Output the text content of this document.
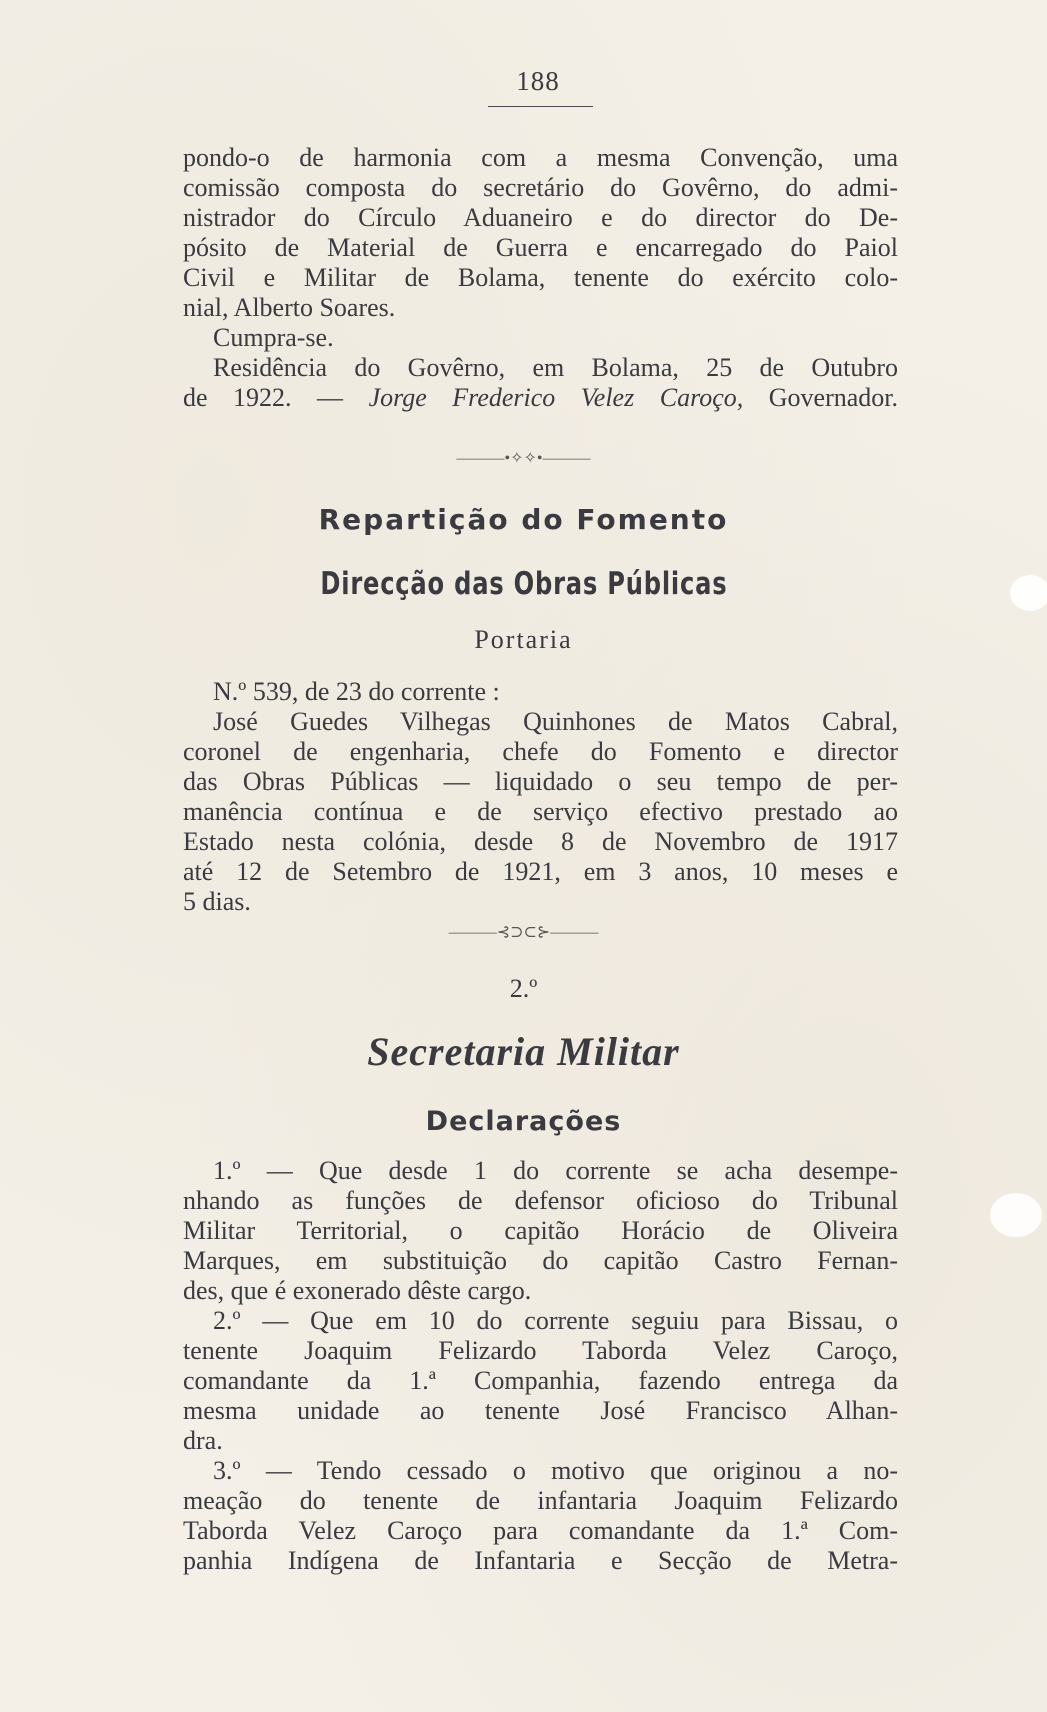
188
pondo-o de harmonia com a mesma Convenção, uma
comissão composta do secretário do Govêrno, do admi-
nistrador do Círculo Aduaneiro e do director do De-
pósito de Material de Guerra e encarregado do Paiol
Civil e Militar de Bolama, tenente do exército colo-
nial, Alberto Soares.
Cumpra-se.
Residência do Govêrno, em Bolama, 25 de Outubro
de 1922. — Jorge Frederico Velez Caroço, Governador.
———•✧✧•———
Repartição do Fomento
Direcção das Obras Públicas
Portaria
N.º 539, de 23 do corrente :
José Guedes Vilhegas Quinhones de Matos Cabral,
coronel de engenharia, chefe do Fomento e director
das Obras Públicas — liquidado o seu tempo de per-
manência contínua e de serviço efectivo prestado ao
Estado nesta colónia, desde 8 de Novembro de 1917
até 12 de Setembro de 1921, em 3 anos, 10 meses e
5 dias.
———⊰⊃⊂⊱———
2.º
Secretaria Militar
Declarações
1.º — Que desde 1 do corrente se acha desempe-
nhando as funções de defensor oficioso do Tribunal
Militar Territorial, o capitão Horácio de Oliveira
Marques, em substituição do capitão Castro Fernan-
des, que é exonerado dêste cargo.
2.º — Que em 10 do corrente seguiu para Bissau, o
tenente Joaquim Felizardo Taborda Velez Caroço,
comandante da 1.ª Companhia, fazendo entrega da
mesma unidade ao tenente José Francisco Alhan-
dra.
3.º — Tendo cessado o motivo que originou a no-
meação do tenente de infantaria Joaquim Felizardo
Taborda Velez Caroço para comandante da 1.ª Com-
panhia Indígena de Infantaria e Secção de Metra-
